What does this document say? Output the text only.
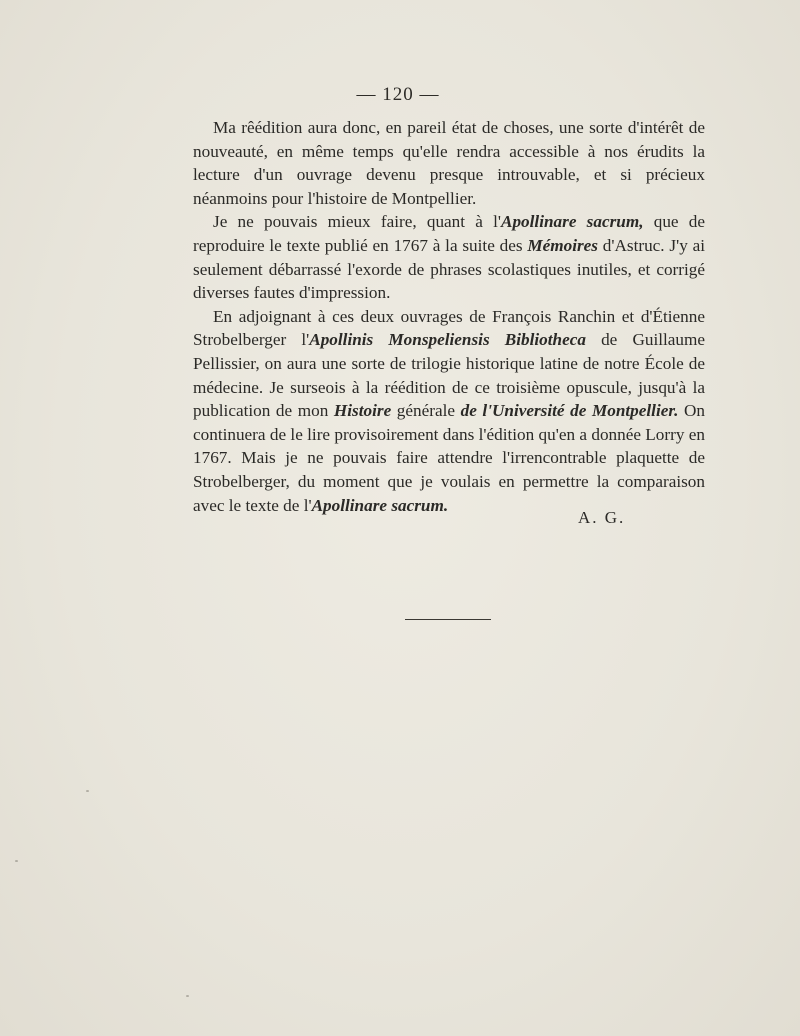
— 120 —

Ma rêédition aura donc, en pareil état de choses, une sorte d'intérêt de nouveauté, en même temps qu'elle rendra accessible à nos érudits la lecture d'un ouvrage devenu presque introuvable, et si précieux néanmoins pour l'histoire de Montpellier.

Je ne pouvais mieux faire, quant à l'Apollinare sacrum, que de reproduire le texte publié en 1767 à la suite des Mémoires d'Astruc. J'y ai seulement débarrassé l'exorde de phrases scolastiques inutiles, et corrigé diverses fautes d'impression.

En adjoignant à ces deux ouvrages de François Ranchin et d'Étienne Strobelberger l'Apollinis Monspeliensis Bibliotheca de Guillaume Pellissier, on aura une sorte de trilogie historique latine de notre École de médecine. Je surseois à la réédition de ce troisième opuscule, jusqu'à la publication de mon Histoire générale de l'Université de Montpellier. On continuera de le lire provisoirement dans l'édition qu'en a donnée Lorry en 1767. Mais je ne pouvais faire attendre l'irrencontrable plaquette de Strobelberger, du moment que je voulais en permettre la comparaison avec le texte de l'Apollinare sacrum.

A. G.
